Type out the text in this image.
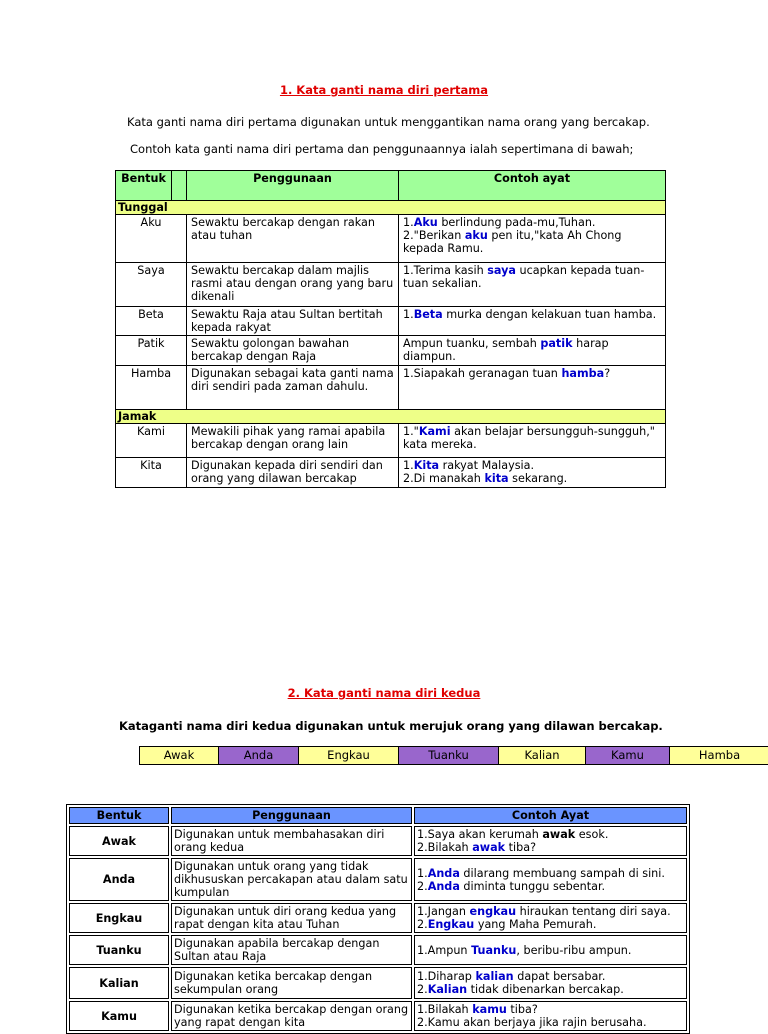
1. Kata ganti nama diri pertama
Kata ganti nama diri pertama digunakan untuk menggantikan nama orang yang bercakap.
Contoh kata ganti nama diri pertama dan penggunaannya ialah sepertimana di bawah;
Bentuk		Penggunaan	Contoh ayat
Tunggal			
Aku		Sewaktu bercakap dengan rakan atau tuhan	1.Aku berlindung pada-mu,Tuhan.
2."Berikan aku pen itu,"kata Ah Chong kepada Ramu.

Saya		Sewaktu bercakap dalam majlis rasmi atau dengan orang yang baru dikenali	1.Terima kasih saya ucapkan kepada tuan-tuan sekalian.

Beta		Sewaktu Raja atau Sultan bertitah kepada rakyat	1.Beta murka dengan kelakuan tuan hamba.

Patik		Sewaktu golongan bawahan bercakap dengan Raja	Ampun tuanku, sembah patik harap diampun.

Hamba		Digunakan sebagai kata ganti nama diri sendiri pada zaman dahulu.	1.Siapakah geranagan tuan hamba?

Jamak			
Kami		Mewakili pihak yang ramai apabila bercakap dengan orang lain	1."Kami akan belajar bersungguh-sungguh," kata mereka.

Kita		Digunakan kepada diri sendiri dan orang yang dilawan bercakap	1.Kita rakyat Malaysia.
2.Di manakah kita sekarang.
2. Kata ganti nama diri kedua
Kataganti nama diri kedua digunakan untuk merujuk orang yang dilawan bercakap.
Awak	Anda	Engkau	Tuanku	Kalian	Kamu	Hamba
Bentuk	Penggunaan	Contoh Ayat
Awak	Digunakan untuk membahasakan diri orang kedua	1.Saya akan kerumah awak esok.
2.Bilakah awak tiba?

Anda	Digunakan untuk orang yang tidak dikhususkan percakapan atau dalam satu kumpulan	1.Anda dilarang membuang sampah di sini.
2.Anda diminta tunggu sebentar.

Engkau	Digunakan untuk diri orang kedua yang rapat dengan kita atau Tuhan	1.Jangan engkau hiraukan tentang diri saya.
2.Engkau yang Maha Pemurah.

Tuanku	Digunakan apabila bercakap dengan Sultan atau Raja	1.Ampun Tuanku, beribu-ribu ampun.

Kalian	Digunakan ketika bercakap dengan sekumpulan orang	1.Diharap kalian dapat bersabar.
2.Kalian tidak dibenarkan bercakap.

Kamu	Digunakan ketika bercakap dengan orang yang rapat dengan kita	1.Bilakah kamu tiba?
2.Kamu akan berjaya jika rajin berusaha.
